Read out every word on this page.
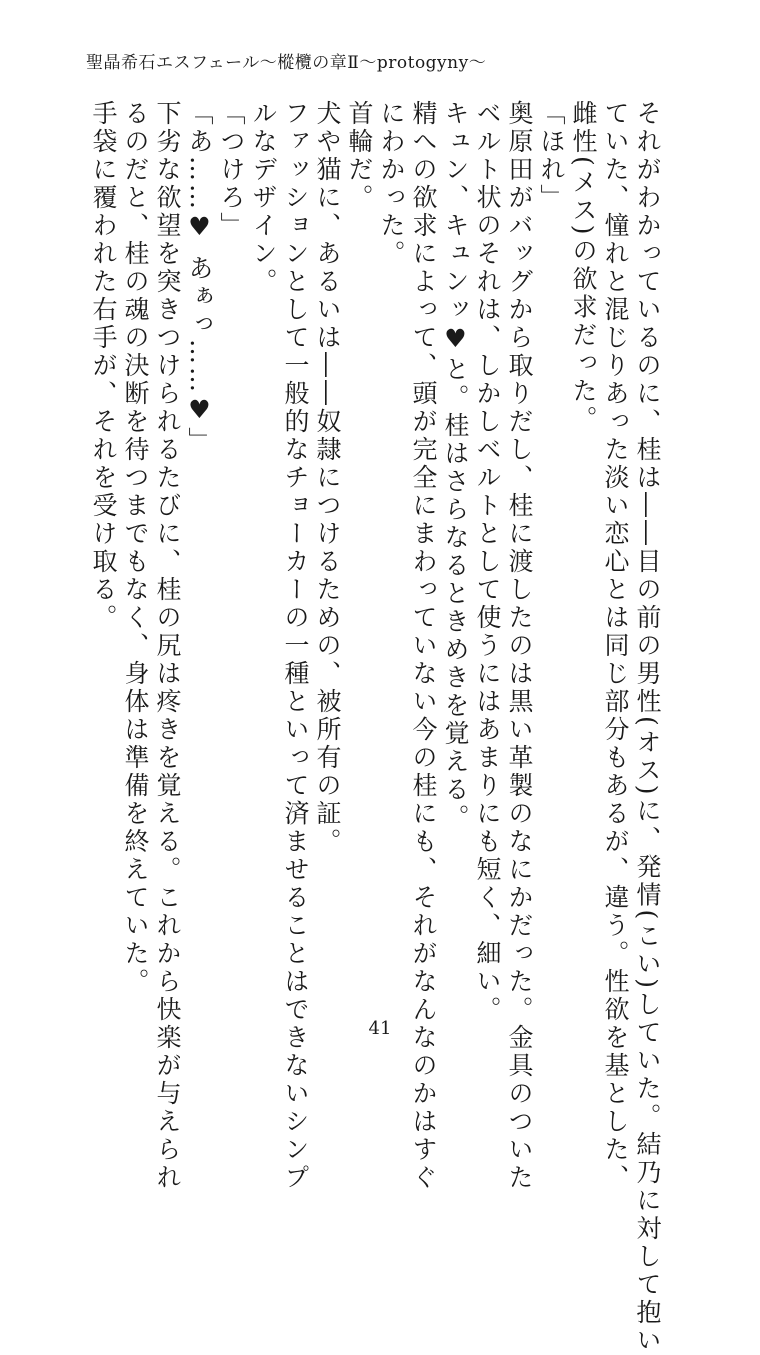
聖晶希石エスフェール〜樅欖の章Ⅱ〜protogyny〜
それがわかっているのに、桂は――目の前の男性(オス)に、発情(こい)していた。結乃に対して抱い
ていた、憧れと混じりあった淡い恋心とは同じ部分もあるが、違う。性欲を基とした、
雌性(メス)の欲求だった。
「ほれ」
奥原田がバッグから取りだし、桂に渡したのは黒い革製のなにかだった。金具のついた
ベルト状のそれは、しかしベルトとして使うにはあまりにも短く、細い。
キュン、キュンッ♥と。桂はさらなるときめきを覚える。
精への欲求によって、頭が完全にまわっていない今の桂にも、それがなんなのかはすぐ
にわかった。
首輪だ。
犬や猫に、あるいは――奴隷につけるための、被所有の証。
ファッションとして一般的なチョーカーの一種といって済ませることはできないシンプ
ルなデザイン。
「つけろ」
「あ……♥ あぁっ……♥」
下劣な欲望を突きつけられるたびに、桂の尻は疼きを覚える。これから快楽が与えられ
るのだと、桂の魂の決断を待つまでもなく、身体は準備を終えていた。
手袋に覆われた右手が、それを受け取る。
41
